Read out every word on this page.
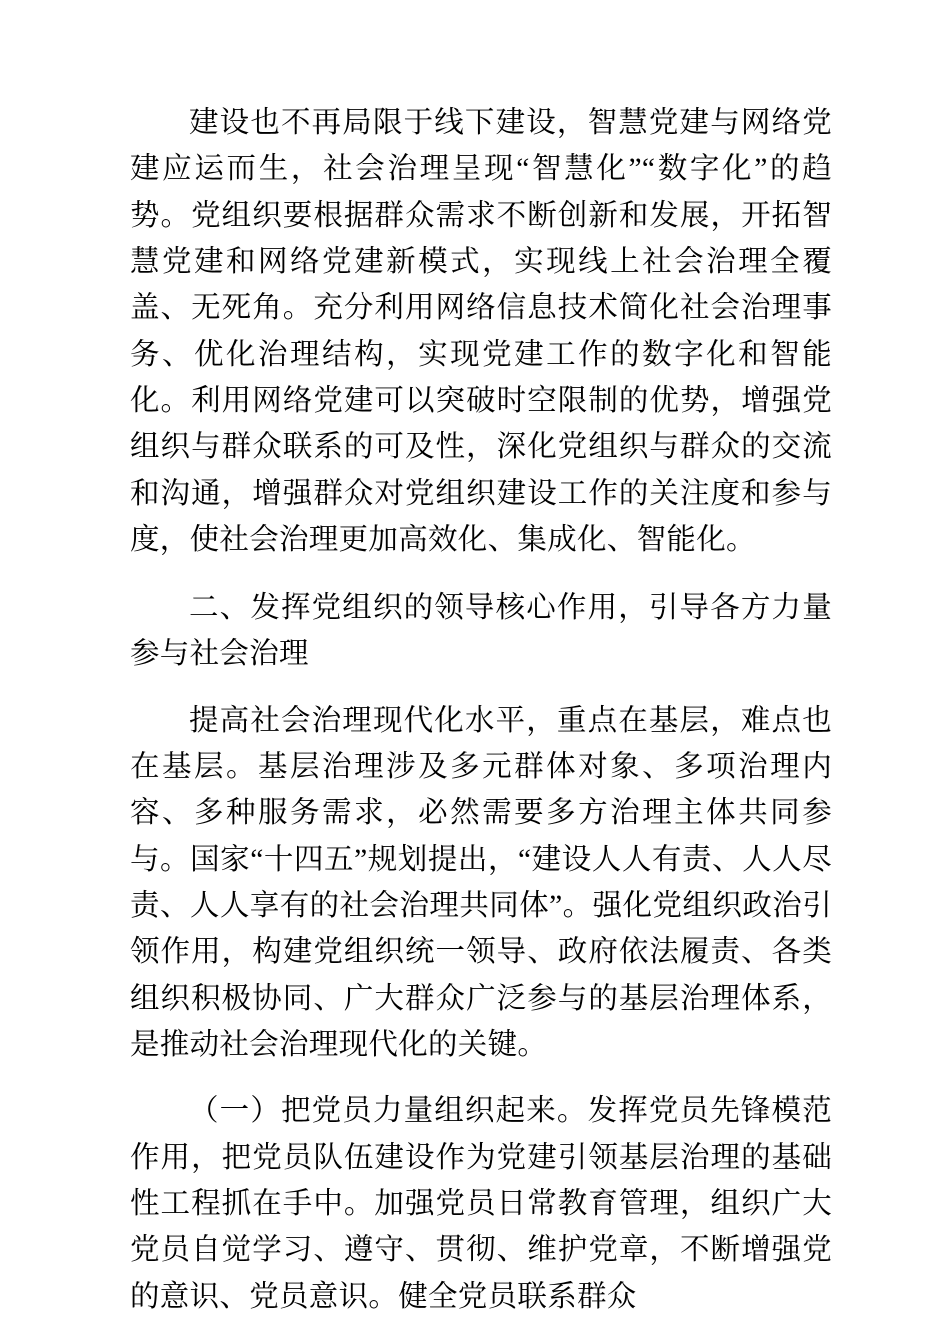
建设也不再局限于线下建设，智慧党建与网络党建应运而生，社会治理呈现“智慧化”“数字化”的趋势。党组织要根据群众需求不断创新和发展，开拓智慧党建和网络党建新模式，实现线上社会治理全覆盖、无死角。充分利用网络信息技术简化社会治理事务、优化治理结构，实现党建工作的数字化和智能化。利用网络党建可以突破时空限制的优势，增强党组织与群众联系的可及性，深化党组织与群众的交流和沟通，增强群众对党组织建设工作的关注度和参与度，使社会治理更加高效化、集成化、智能化。

二、发挥党组织的领导核心作用，引导各方力量参与社会治理

提高社会治理现代化水平，重点在基层，难点也在基层。基层治理涉及多元群体对象、多项治理内容、多种服务需求，必然需要多方治理主体共同参与。国家“十四五”规划提出，“建设人人有责、人人尽责、人人享有的社会治理共同体”。强化党组织政治引领作用，构建党组织统一领导、政府依法履责、各类组织积极协同、广大群众广泛参与的基层治理体系，是推动社会治理现代化的关键。

（一）把党员力量组织起来。发挥党员先锋模范作用，把党员队伍建设作为党建引领基层治理的基础性工程抓在手中。加强党员日常教育管理，组织广大党员自觉学习、遵守、贯彻、维护党章，不断增强党的意识、党员意识。健全党员联系群众
